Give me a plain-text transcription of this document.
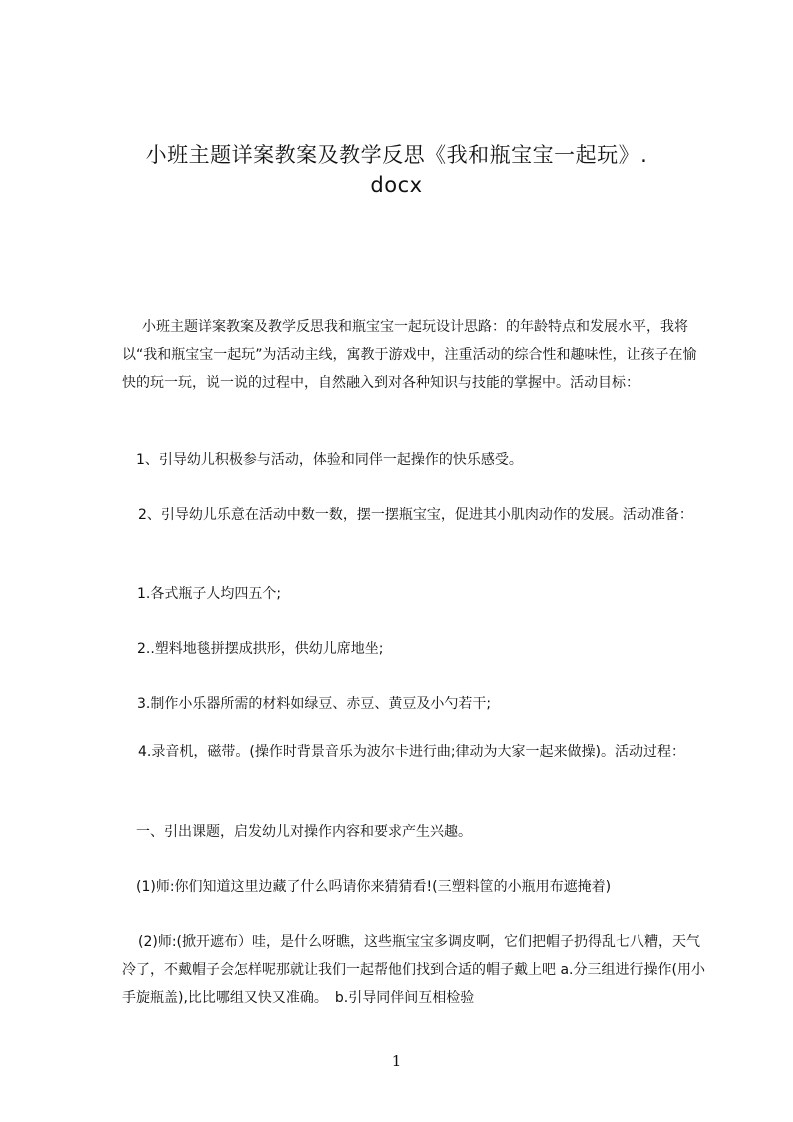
小班主题详案教案及教学反思《我和瓶宝宝一起玩》.
docx
小班主题详案教案及教学反思我和瓶宝宝一起玩设计思路：的年龄特点和发展水平，我将以“我和瓶宝宝一起玩”为活动主线，寓教于游戏中，注重活动的综合性和趣味性，让孩子在愉快的玩一玩，说一说的过程中，自然融入到对各种知识与技能的掌握中。活动目标：
1、引导幼儿积极参与活动，体验和同伴一起操作的快乐感受。
2、引导幼儿乐意在活动中数一数，摆一摆瓶宝宝，促进其小肌肉动作的发展。活动准备：
1.各式瓶子人均四五个;
2..塑料地毯拼摆成拱形，供幼儿席地坐;
3.制作小乐器所需的材料如绿豆、赤豆、黄豆及小勺若干;
4.录音机，磁带。(操作时背景音乐为波尔卡进行曲;律动为大家一起来做操)。活动过程：
一、引出课题，启发幼儿对操作内容和要求产生兴趣。
(1)师:你们知道这里边藏了什么吗请你来猜猜看!(三塑料筐的小瓶用布遮掩着)
(2)师:(掀开遮布）哇，是什么呀瞧，这些瓶宝宝多调皮啊，它们把帽子扔得乱七八糟，天气冷了，不戴帽子会怎样呢那就让我们一起帮他们找到合适的帽子戴上吧 a.分三组进行操作(用小手旋瓶盖),比比哪组又快又准确。　b.引导同伴间互相检验
1
